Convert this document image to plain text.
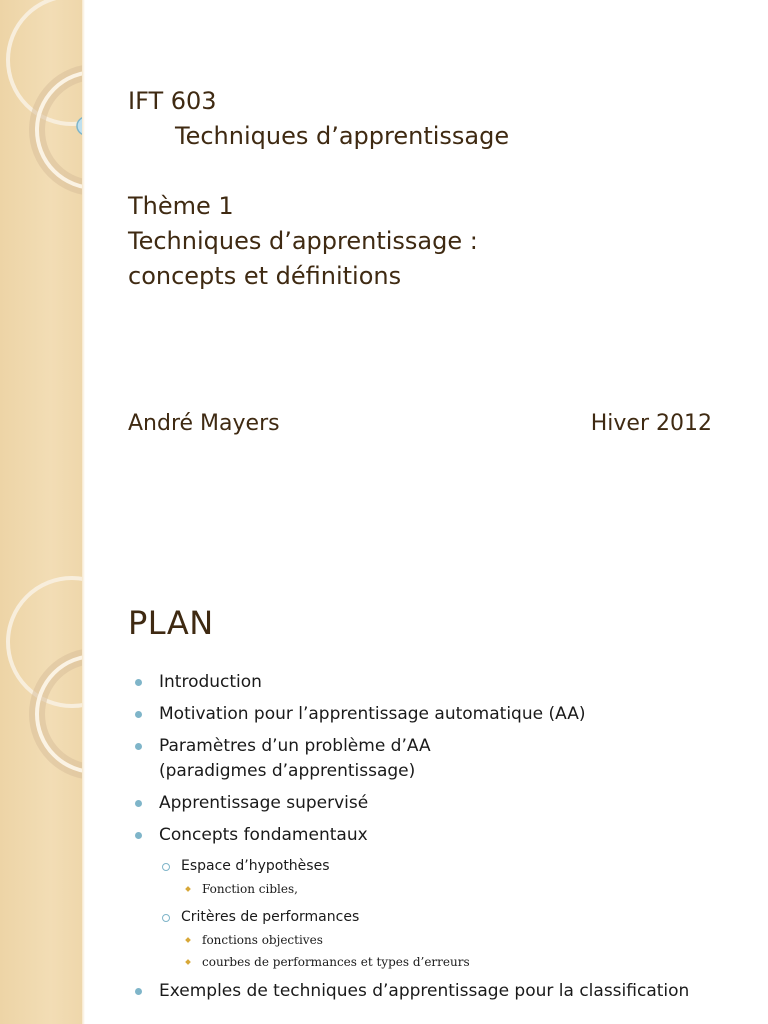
IFT 603
Techniques d’apprentissage
Thème 1
Techniques d’apprentissage :
concepts et définitions
André Mayers	Hiver 2012
PLAN
Introduction
Motivation pour l’apprentissage automatique (AA)
Paramètres d’un problème d’AA
(paradigmes d’apprentissage)
Apprentissage supervisé
Concepts fondamentaux
Espace d’hypothèses
Fonction cibles,
Critères de performances
fonctions objectives
courbes de performances et types d’erreurs
Exemples de techniques d’apprentissage pour la classification
